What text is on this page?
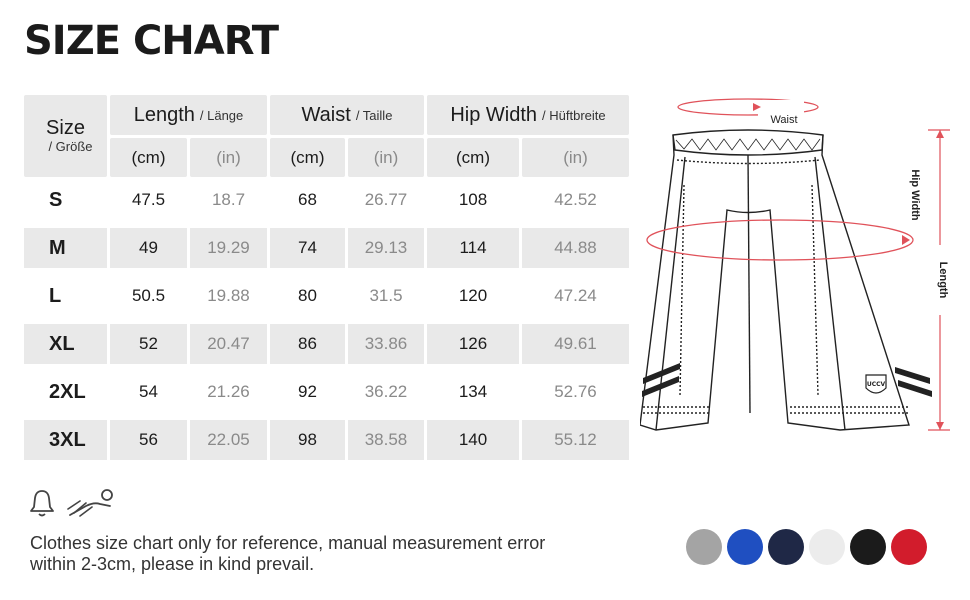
SIZE CHART
Size
/ Größe
Length / Länge	Waist / Taille	Hip Width / Hüftbreite
(cm)	(in)	(cm)	(in)	(cm)	(in)
S	47.5	18.7	68	26.77	108	42.52
M	49	19.29	74	29.13	114	44.88
L	50.5	19.88	80	31.5	120	47.24
XL	52	20.47	86	33.86	126	49.61
2XL	54	21.26	92	36.22	134	52.76
3XL	56	22.05	98	38.58	140	55.12
Waist
UCCV
Hip Width
Length
Clothes size chart only for reference, manual measurement error
within 2-3cm, please in kind prevail.
